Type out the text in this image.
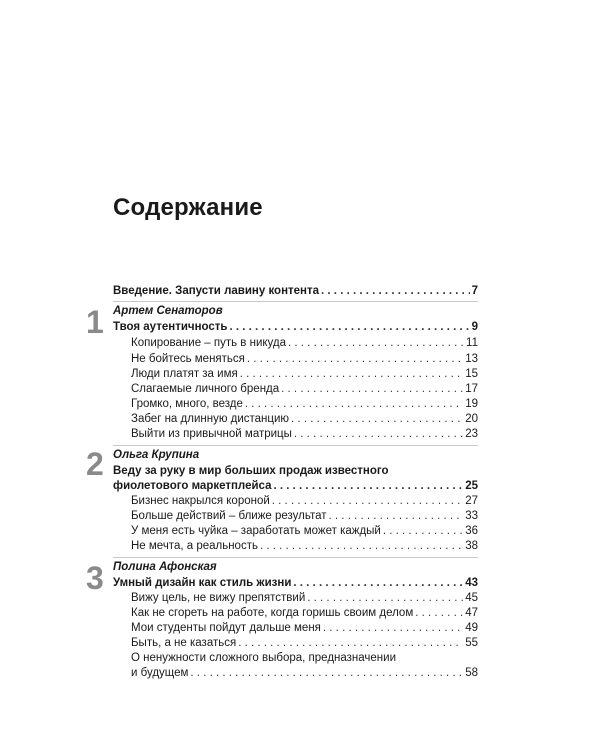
Содержание
Введение. Запусти лавину контента . . .	7
1 Артем Сенаторов
Твоя аутентичность . . .	9
Копирование – путь в никуда . . .	11
Не бойтесь меняться . . .	13
Люди платят за имя . . .	15
Слагаемые личного бренда . . .	17
Громко, много, везде . . .	19
Забег на длинную дистанцию . . .	20
Выйти из привычной матрицы . . .	23
2 Ольга Крупина
Веду за руку в мир больших продаж известного
фиолетового маркетплейса . . .	25
Бизнес накрылся короной . . .	27
Больше действий – ближе результат . . .	33
У меня есть чуйка – заработать может каждый . . .	36
Не мечта, а реальность . . .	38
3 Полина Афонская
Умный дизайн как стиль жизни . . .	43
Вижу цель, не вижу препятствий . . .	45
Как не сгореть на работе, когда горишь своим делом . . .	47
Мои студенты пойдут дальше меня . . .	49
Быть, а не казаться . . .	55
О ненужности сложного выбора, предназначении
и будущем . . .	58
